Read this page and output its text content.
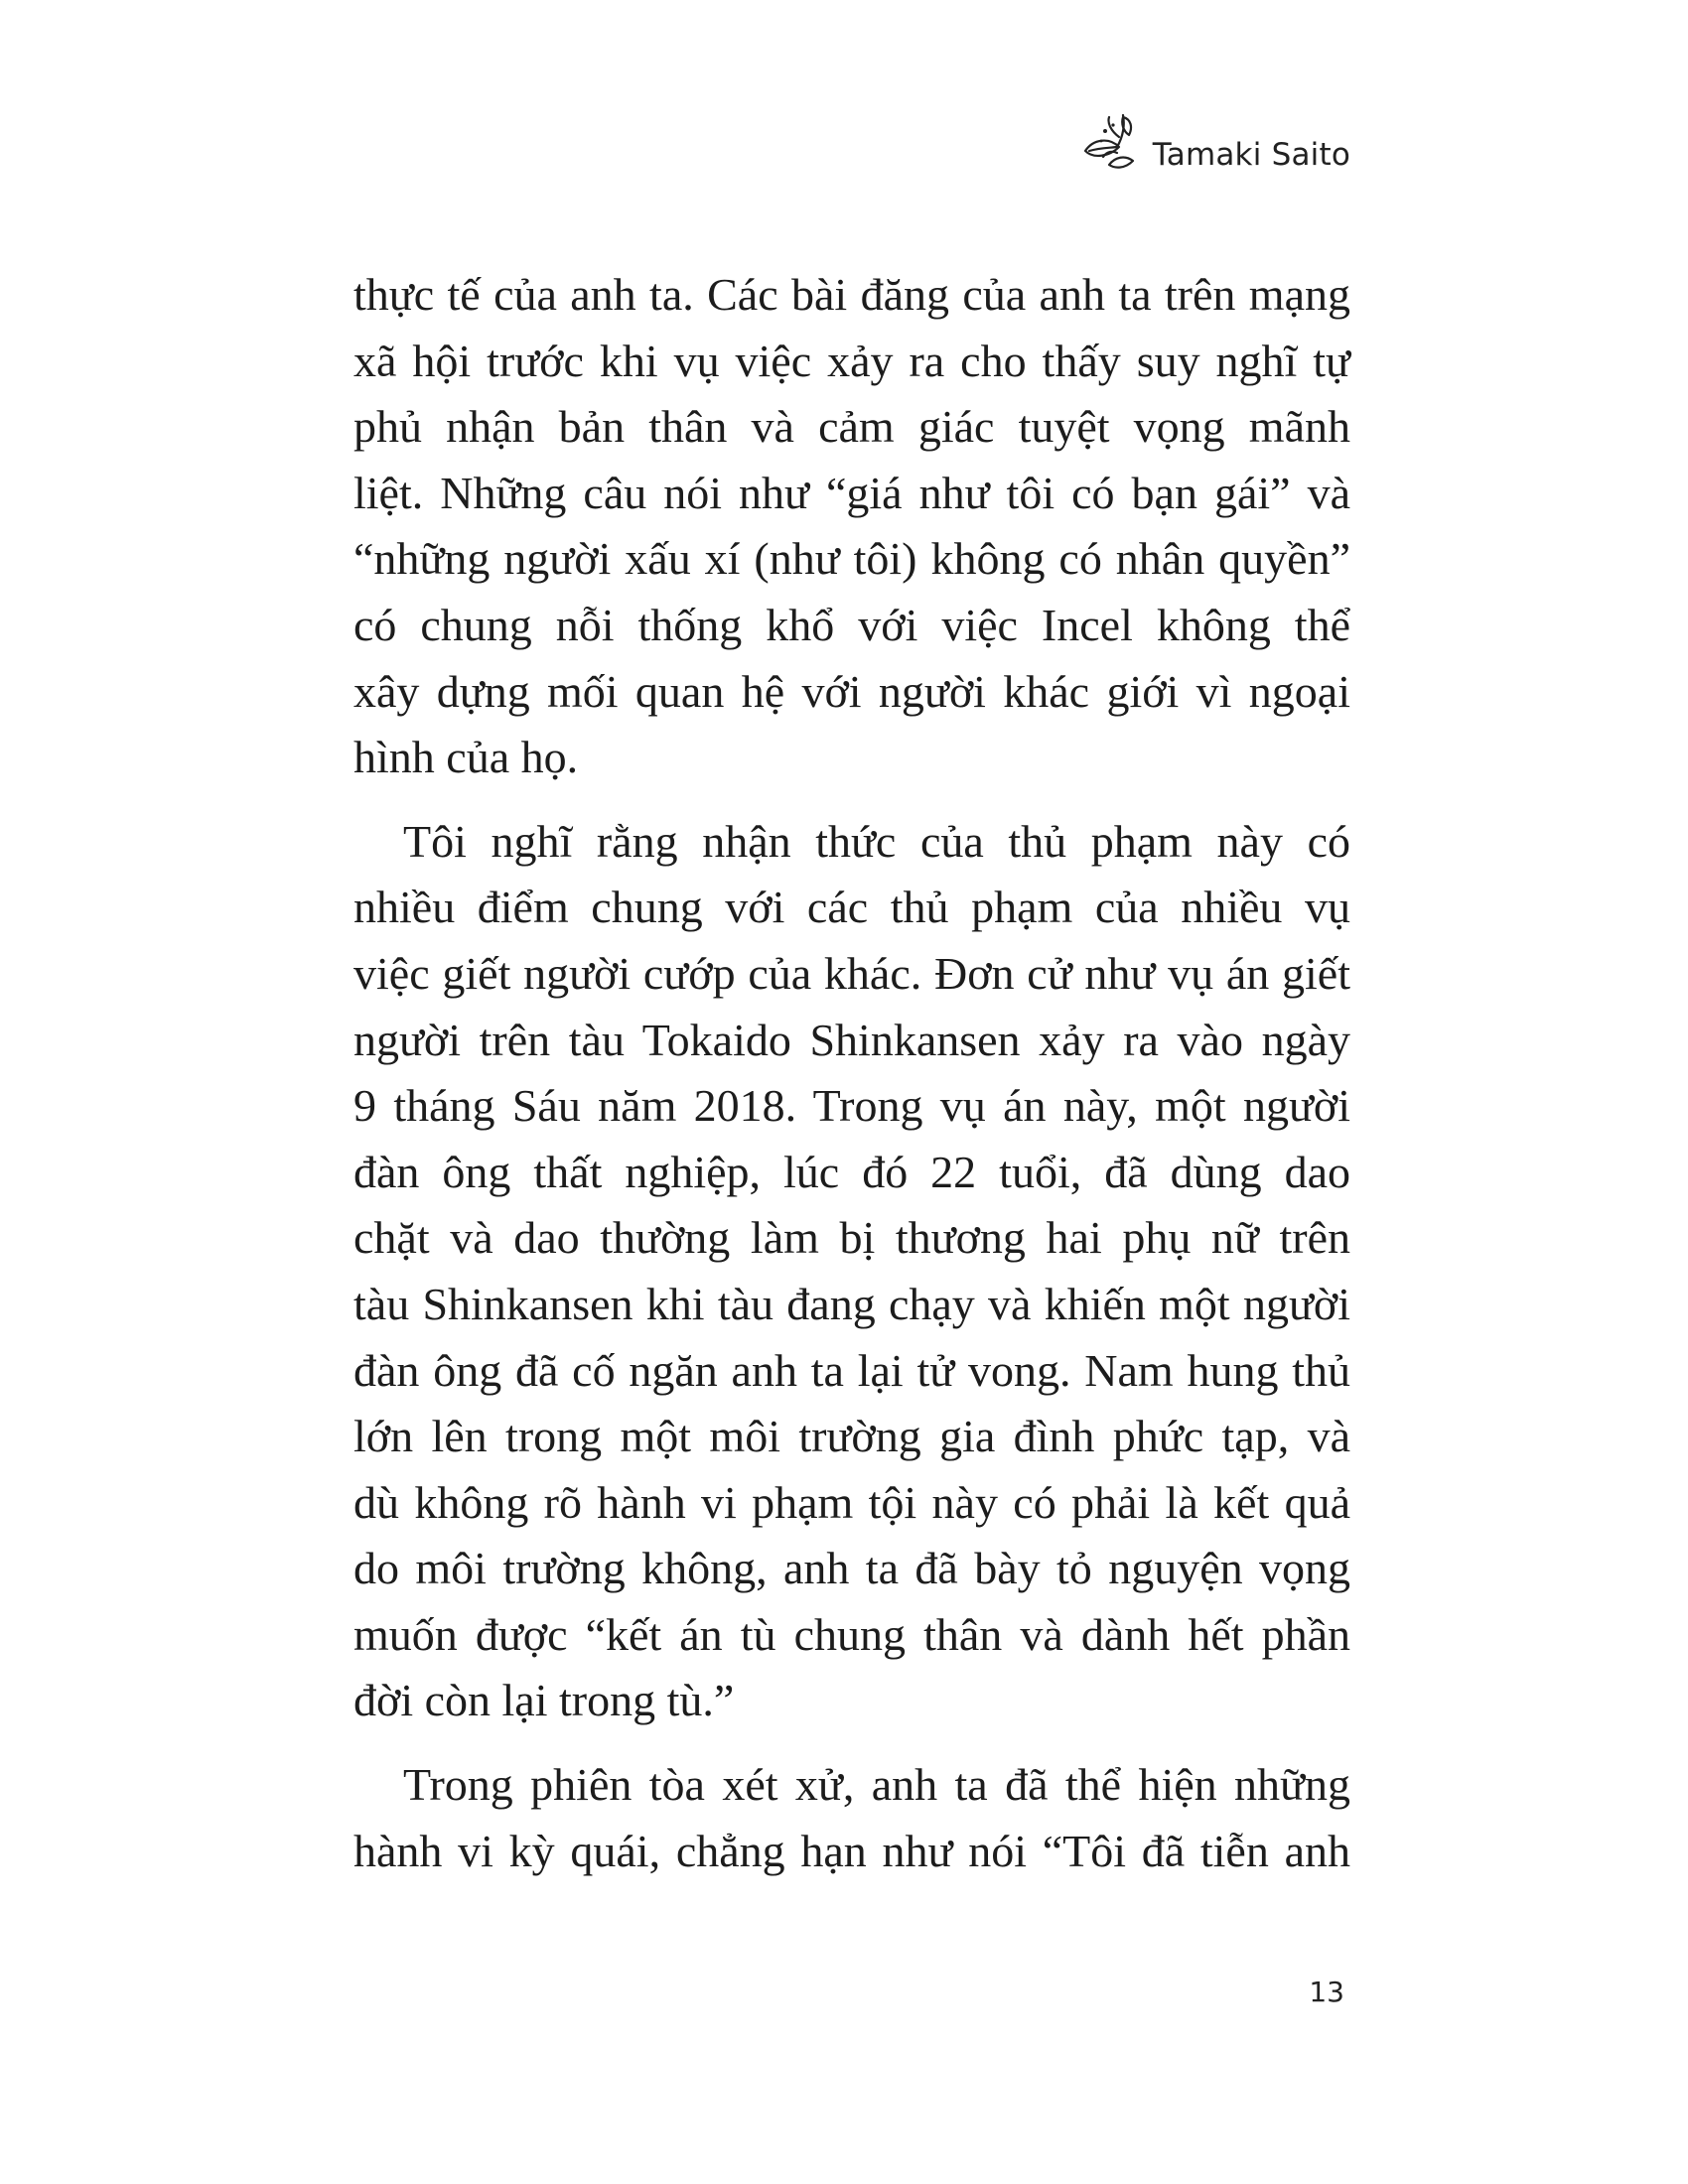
Tamaki Saito
thực tế của anh ta. Các bài đăng của anh ta trên mạng
xã hội trước khi vụ việc xảy ra cho thấy suy nghĩ tự
phủ nhận bản thân và cảm giác tuyệt vọng mãnh
liệt. Những câu nói như “giá như tôi có bạn gái” và
“những người xấu xí (như tôi) không có nhân quyền”
có chung nỗi thống khổ với việc Incel không thể
xây dựng mối quan hệ với người khác giới vì ngoại
hình của họ.
Tôi nghĩ rằng nhận thức của thủ phạm này có
nhiều điểm chung với các thủ phạm của nhiều vụ
việc giết người cướp của khác. Đơn cử như vụ án giết
người trên tàu Tokaido Shinkansen xảy ra vào ngày
9 tháng Sáu năm 2018. Trong vụ án này, một người
đàn ông thất nghiệp, lúc đó 22 tuổi, đã dùng dao
chặt và dao thường làm bị thương hai phụ nữ trên
tàu Shinkansen khi tàu đang chạy và khiến một người
đàn ông đã cố ngăn anh ta lại tử vong. Nam hung thủ
lớn lên trong một môi trường gia đình phức tạp, và
dù không rõ hành vi phạm tội này có phải là kết quả
do môi trường không, anh ta đã bày tỏ nguyện vọng
muốn được “kết án tù chung thân và dành hết phần
đời còn lại trong tù.”
Trong phiên tòa xét xử, anh ta đã thể hiện những
hành vi kỳ quái, chẳng hạn như nói “Tôi đã tiễn anh
13
